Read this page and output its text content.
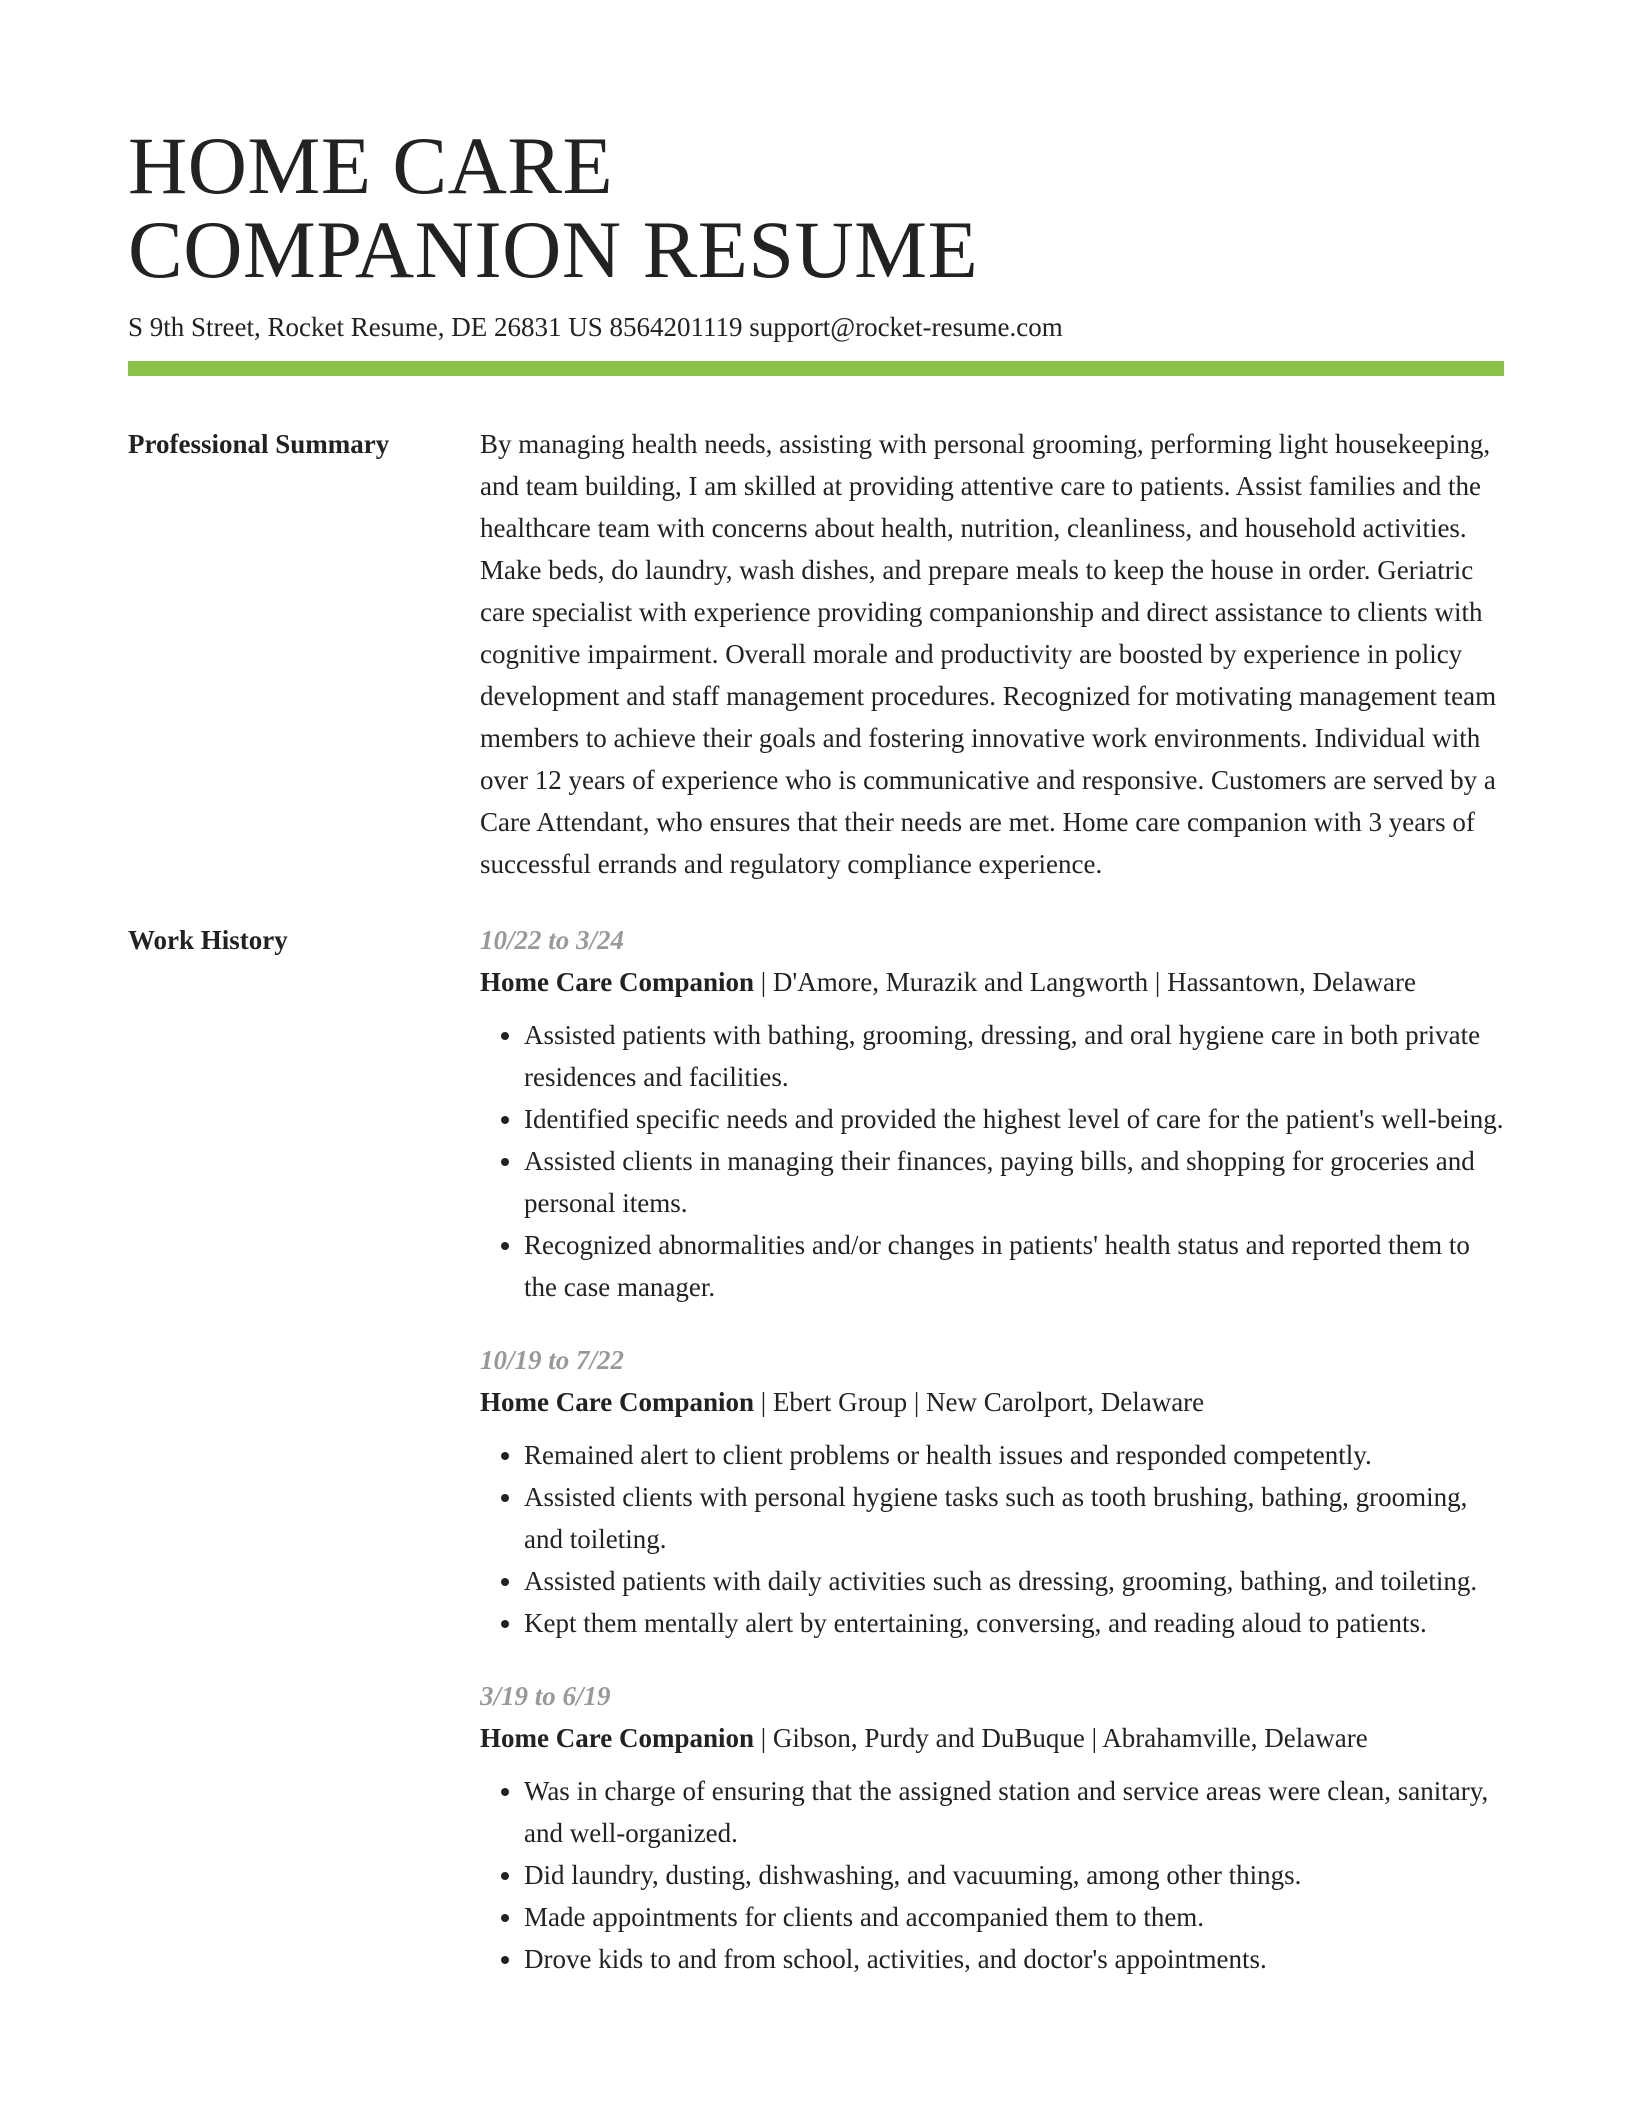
HOME CARE
COMPANION RESUME
S 9th Street, Rocket Resume, DE 26831 US 8564201119 support@rocket-resume.com
Professional Summary	By managing health needs, assisting with personal grooming, performing light housekeeping, and team building, I am skilled at providing attentive care to patients. Assist families and the healthcare team with concerns about health, nutrition, cleanliness, and household activities. Make beds, do laundry, wash dishes, and prepare meals to keep the house in order. Geriatric care specialist with experience providing companionship and direct assistance to clients with cognitive impairment. Overall morale and productivity are boosted by experience in policy development and staff management procedures. Recognized for motivating management team members to achieve their goals and fostering innovative work environments. Individual with over 12 years of experience who is communicative and responsive. Customers are served by a Care Attendant, who ensures that their needs are met. Home care companion with 3 years of successful errands and regulatory compliance experience.

Work History	10/22 to 3/24
Home Care Companion | D'Amore, Murazik and Langworth | Hassantown, Delaware
• Assisted patients with bathing, grooming, dressing, and oral hygiene care in both private residences and facilities.
• Identified specific needs and provided the highest level of care for the patient's well-being.
• Assisted clients in managing their finances, paying bills, and shopping for groceries and personal items.
• Recognized abnormalities and/or changes in patients' health status and reported them to the case manager.
10/19 to 7/22
Home Care Companion | Ebert Group | New Carolport, Delaware
• Remained alert to client problems or health issues and responded competently.
• Assisted clients with personal hygiene tasks such as tooth brushing, bathing, grooming, and toileting.
• Assisted patients with daily activities such as dressing, grooming, bathing, and toileting.
• Kept them mentally alert by entertaining, conversing, and reading aloud to patients.
3/19 to 6/19
Home Care Companion | Gibson, Purdy and DuBuque | Abrahamville, Delaware
• Was in charge of ensuring that the assigned station and service areas were clean, sanitary, and well-organized.
• Did laundry, dusting, dishwashing, and vacuuming, among other things.
• Made appointments for clients and accompanied them to them.
• Drove kids to and from school, activities, and doctor's appointments.
